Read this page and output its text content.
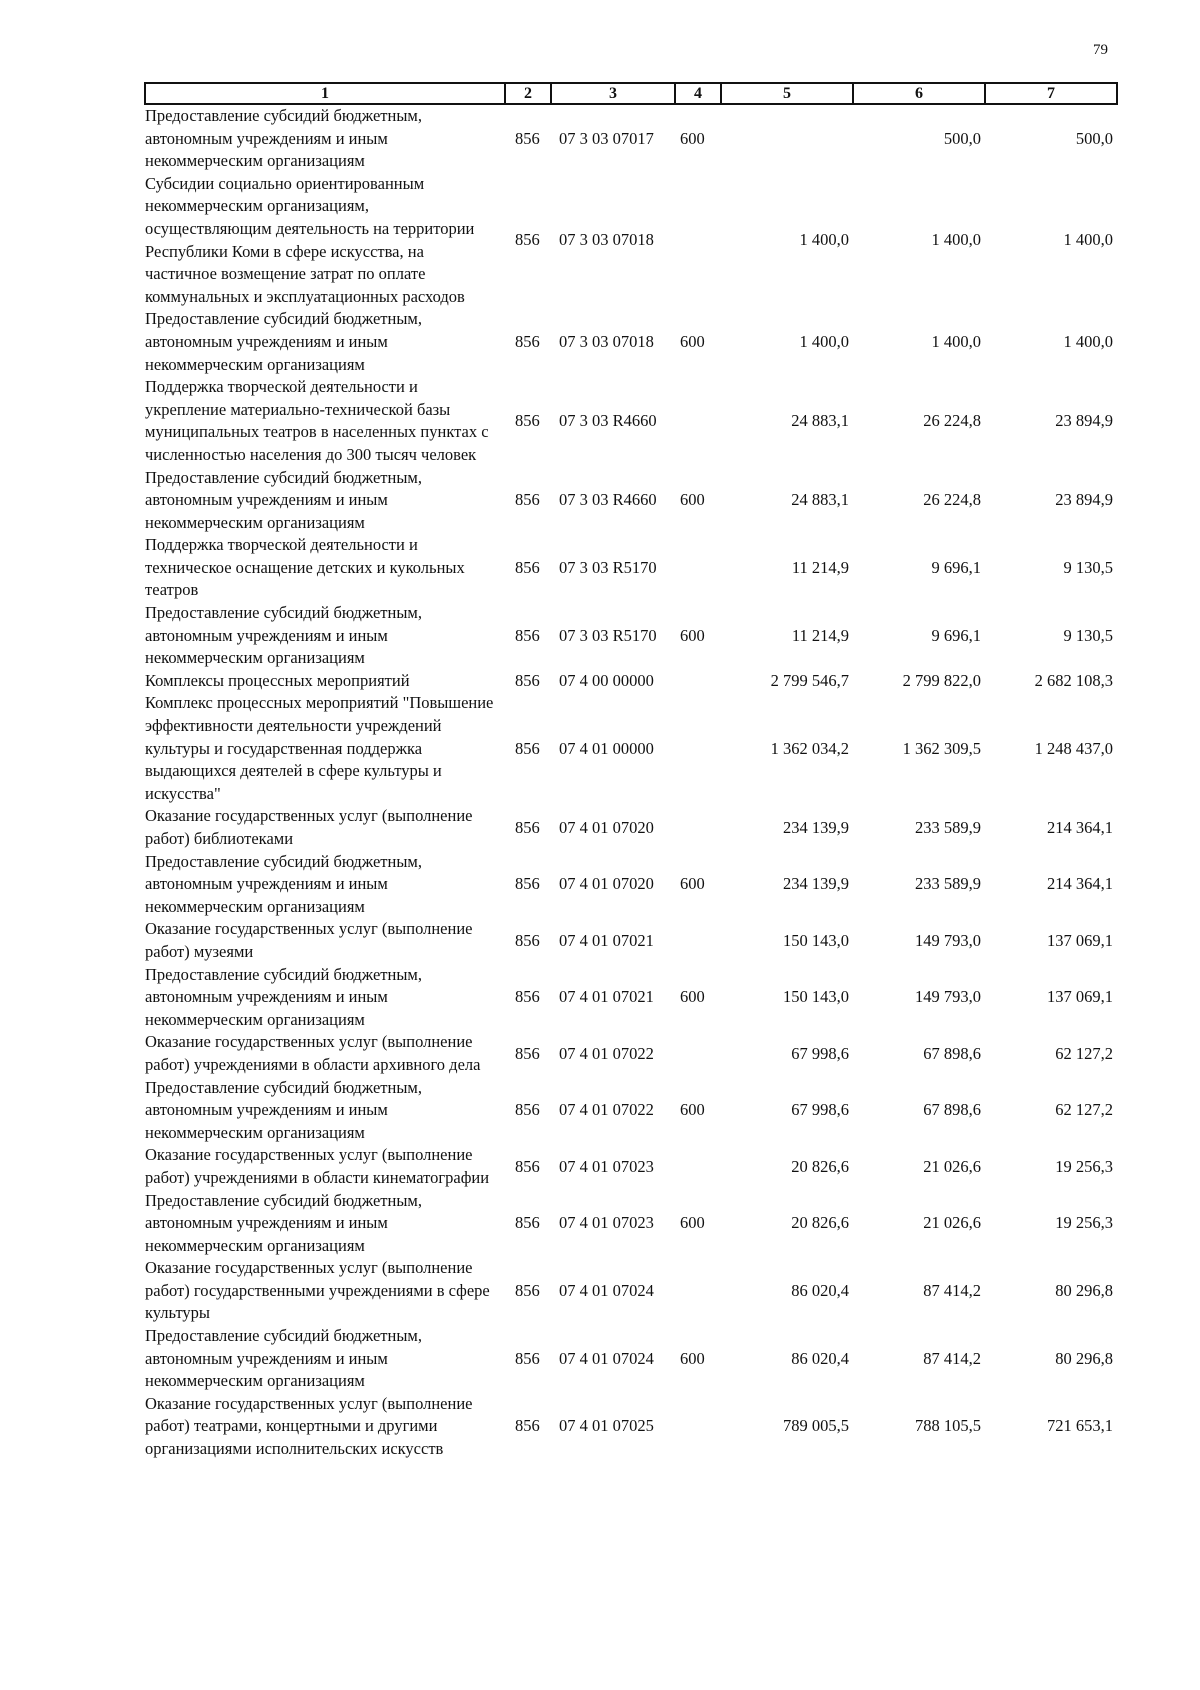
79
1	2	3	4	5	6	7
Предоставление субсидий бюджетным, автономным учреждениям и иным некоммерческим организациям	856	07 3 03 07017	600		500,0	500,0
Субсидии социально ориентированным некоммерческим организациям, осуществляющим деятельность на территории Республики Коми в сфере искусства, на частичное возмещение затрат по оплате коммунальных и эксплуатационных расходов	856	07 3 03 07018		1 400,0	1 400,0	1 400,0
Предоставление субсидий бюджетным, автономным учреждениям и иным некоммерческим организациям	856	07 3 03 07018	600	1 400,0	1 400,0	1 400,0
Поддержка творческой деятельности и укрепление материально-технической базы муниципальных театров в населенных пунктах с численностью населения до 300 тысяч человек	856	07 3 03 R4660		24 883,1	26 224,8	23 894,9
Предоставление субсидий бюджетным, автономным учреждениям и иным некоммерческим организациям	856	07 3 03 R4660	600	24 883,1	26 224,8	23 894,9
Поддержка творческой деятельности и техническое оснащение детских и кукольных театров	856	07 3 03 R5170		11 214,9	9 696,1	9 130,5
Предоставление субсидий бюджетным, автономным учреждениям и иным некоммерческим организациям	856	07 3 03 R5170	600	11 214,9	9 696,1	9 130,5
Комплексы процессных мероприятий	856	07 4 00 00000		2 799 546,7	2 799 822,0	2 682 108,3
Комплекс процессных мероприятий "Повышение эффективности деятельности учреждений культуры и государственная поддержка выдающихся деятелей в сфере культуры и искусства"	856	07 4 01 00000		1 362 034,2	1 362 309,5	1 248 437,0
Оказание государственных услуг (выполнение работ) библиотеками	856	07 4 01 07020		234 139,9	233 589,9	214 364,1
Предоставление субсидий бюджетным, автономным учреждениям и иным некоммерческим организациям	856	07 4 01 07020	600	234 139,9	233 589,9	214 364,1
Оказание государственных услуг (выполнение работ) музеями	856	07 4 01 07021		150 143,0	149 793,0	137 069,1
Предоставление субсидий бюджетным, автономным учреждениям и иным некоммерческим организациям	856	07 4 01 07021	600	150 143,0	149 793,0	137 069,1
Оказание государственных услуг (выполнение работ) учреждениями в области архивного дела	856	07 4 01 07022		67 998,6	67 898,6	62 127,2
Предоставление субсидий бюджетным, автономным учреждениям и иным некоммерческим организациям	856	07 4 01 07022	600	67 998,6	67 898,6	62 127,2
Оказание государственных услуг (выполнение работ) учреждениями в области кинематографии	856	07 4 01 07023		20 826,6	21 026,6	19 256,3
Предоставление субсидий бюджетным, автономным учреждениям и иным некоммерческим организациям	856	07 4 01 07023	600	20 826,6	21 026,6	19 256,3
Оказание государственных услуг (выполнение работ) государственными учреждениями в сфере культуры	856	07 4 01 07024		86 020,4	87 414,2	80 296,8
Предоставление субсидий бюджетным, автономным учреждениям и иным некоммерческим организациям	856	07 4 01 07024	600	86 020,4	87 414,2	80 296,8
Оказание государственных услуг (выполнение работ) театрами, концертными и другими организациями исполнительских искусств	856	07 4 01 07025		789 005,5	788 105,5	721 653,1
